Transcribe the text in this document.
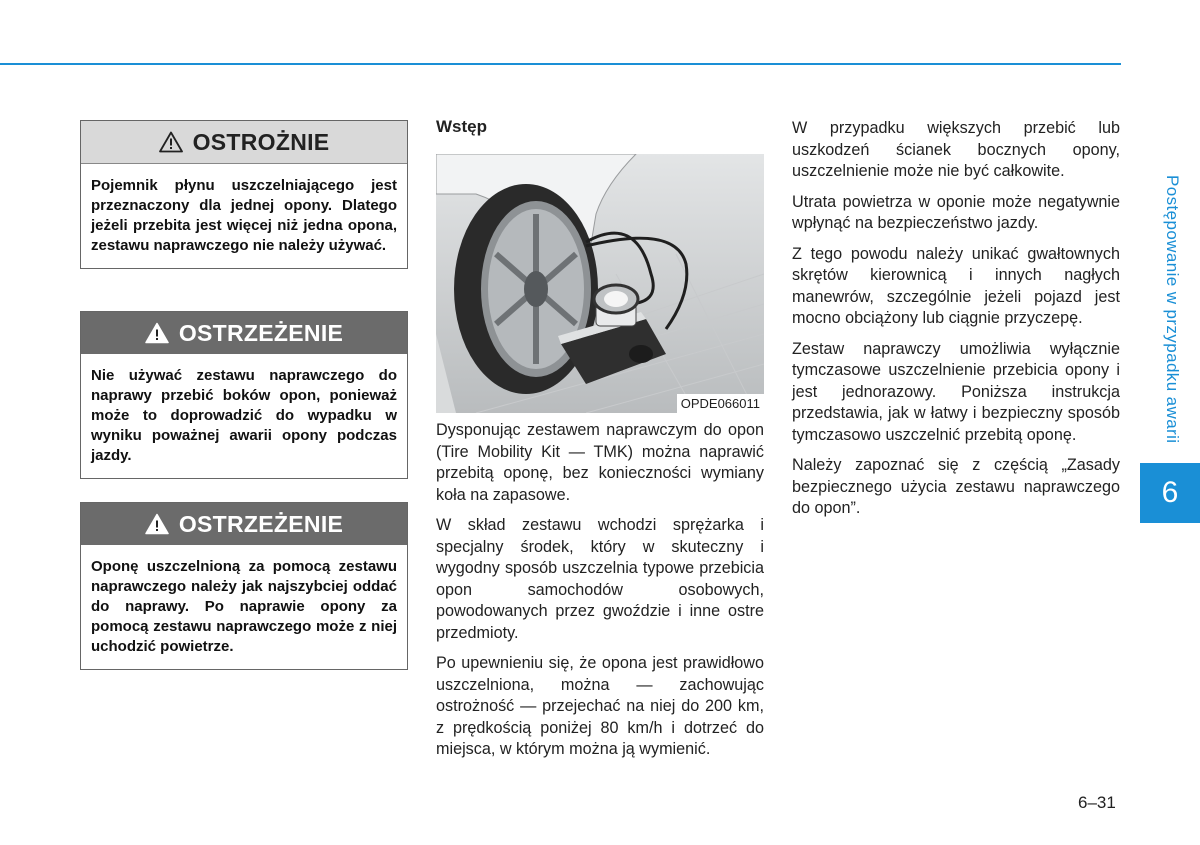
OSTROŻNIE
Pojemnik płynu uszczelniającego jest przeznaczony dla jednej opony. Dlatego jeżeli przebita jest więcej niż jedna opona, zestawu naprawczego nie należy używać.
OSTRZEŻENIE
Nie używać zestawu naprawczego do naprawy przebić boków opon, ponieważ może to doprowadzić do wypadku w wyniku poważnej awarii opony podczas jazdy.
OSTRZEŻENIE
Oponę uszczelnioną za pomocą zestawu naprawczego należy jak najszybciej oddać do naprawy. Po naprawie opony za pomocą zestawu naprawczego może z niej uchodzić powietrze.
Wstęp
OPDE066011

Dysponując zestawem naprawczym do opon (Tire Mobility Kit — TMK) można naprawić przebitą oponę, bez konieczności wymiany koła na zapasowe.

W skład zestawu wchodzi sprężarka i specjalny środek, który w skuteczny i wygodny sposób uszczelnia typowe przebicia opon samochodów osobowych, powodowanych przez gwoździe i inne ostre przedmioty.

Po upewnieniu się, że opona jest prawidłowo uszczelniona, można — zachowując ostrożność — przejechać na niej do 200 km, z prędkością poniżej 80 km/h i dotrzeć do miejsca, w którym można ją wymienić.

W przypadku większych przebić lub uszkodzeń ścianek bocznych opony, uszczelnienie może nie być całkowite.

Utrata powietrza w oponie może negatywnie wpłynąć na bezpieczeństwo jazdy.

Z tego powodu należy unikać gwałtownych skrętów kierownicą i innych nagłych manewrów, szczególnie jeżeli pojazd jest mocno obciążony lub ciągnie przyczepę.

Zestaw naprawczy umożliwia wyłącznie tymczasowe uszczelnienie przebicia opony i jest jednorazowy. Poniższa instrukcja przedstawia, jak w łatwy i bezpieczny sposób tymczasowo uszczelnić przebitą oponę.

Należy zapoznać się z częścią „Zasady bezpiecznego użycia zestawu naprawczego do opon”.

Postępowanie w przypadku awarii
6
6–31
